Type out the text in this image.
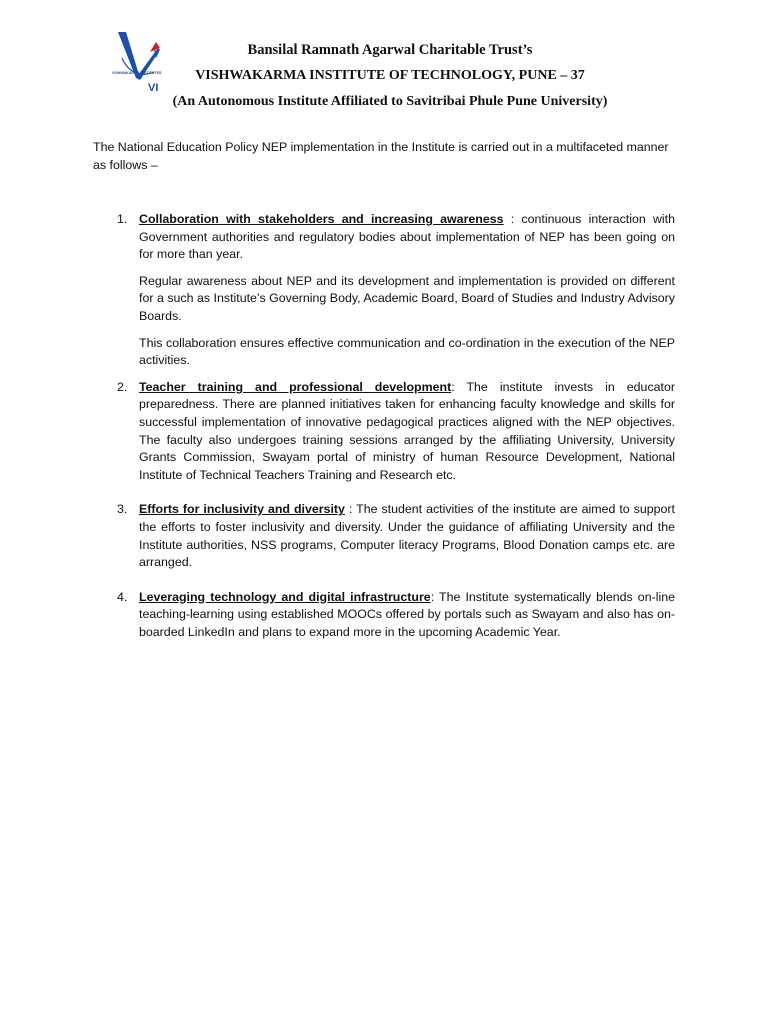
VISHWAKARMA INSTITUTES
VI
Bansilal Ramnath Agarwal Charitable Trust’s
VISHWAKARMA INSTITUTE OF TECHNOLOGY, PUNE – 37
(An Autonomous Institute Affiliated to Savitribai Phule Pune University)
The National Education Policy NEP implementation in the Institute is carried out in a multifaceted manner as follows –
1. Collaboration with stakeholders and increasing awareness : continuous interaction with Government authorities and regulatory bodies about implementation of NEP has been going on for more than year.

Regular awareness about NEP and its development and implementation is provided on different for a such as Institute’s Governing Body, Academic Board, Board of Studies and Industry Advisory Boards.

This collaboration ensures effective communication and co-ordination in the execution of the NEP activities.

2. Teacher training and professional development: The institute invests in educator preparedness. There are planned initiatives taken for enhancing faculty knowledge and skills for successful implementation of innovative pedagogical practices aligned with the NEP objectives. The faculty also undergoes training sessions arranged by the affiliating University, University Grants Commission, Swayam portal of ministry of human Resource Development, National Institute of Technical Teachers Training and Research etc.

3. Efforts for inclusivity and diversity : The student activities of the institute are aimed to support the efforts to foster inclusivity and diversity. Under the guidance of affiliating University and the Institute authorities, NSS programs, Computer literacy Programs, Blood Donation camps etc. are arranged.

4. Leveraging technology and digital infrastructure: The Institute systematically blends on-line teaching-learning using established MOOCs offered by portals such as Swayam and also has on-boarded LinkedIn and plans to expand more in the upcoming Academic Year.
